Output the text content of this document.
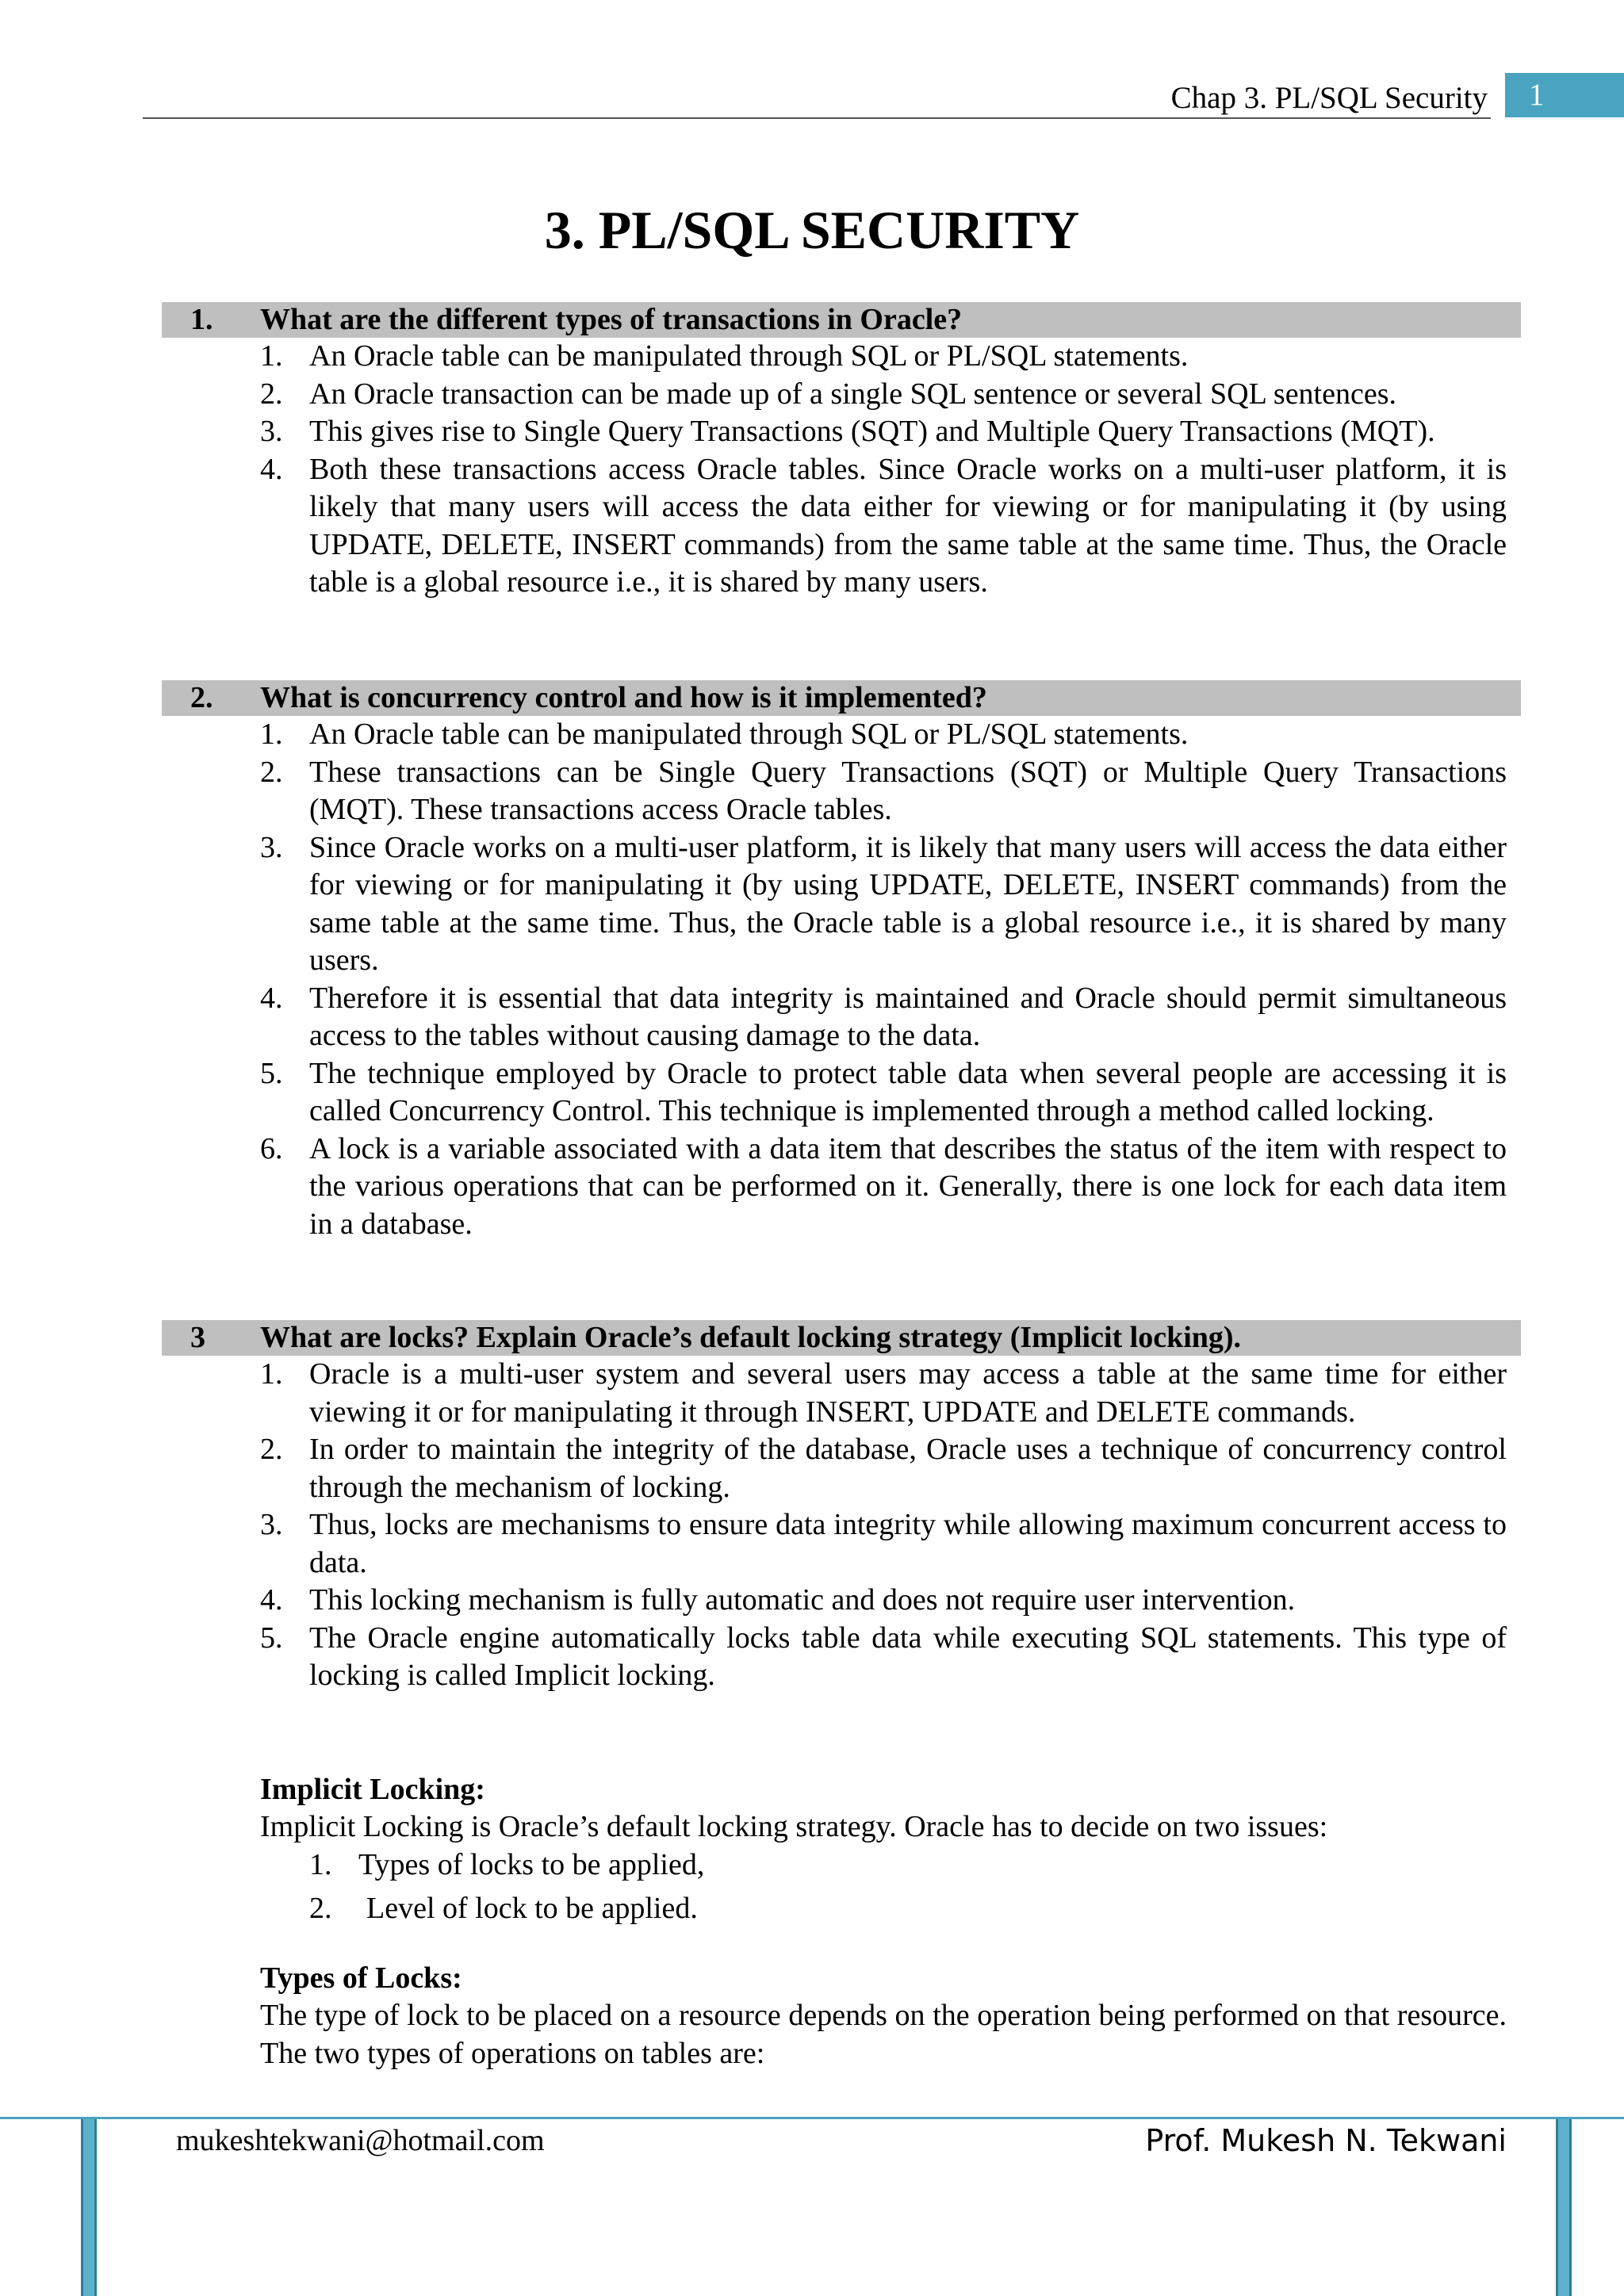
Chap 3. PL/SQL Security	1
3. PL/SQL SECURITY
1. What are the different types of transactions in Oracle?
1. An Oracle table can be manipulated through SQL or PL/SQL statements.
2. An Oracle transaction can be made up of a single SQL sentence or several SQL sentences.
3. This gives rise to Single Query Transactions (SQT) and Multiple Query Transactions (MQT).
4. Both these transactions access Oracle tables. Since Oracle works on a multi-user platform, it is likely that many users will access the data either for viewing or for manipulating it (by using UPDATE, DELETE, INSERT commands) from the same table at the same time. Thus, the Oracle table is a global resource i.e., it is shared by many users.
2. What is concurrency control and how is it implemented?
1. An Oracle table can be manipulated through SQL or PL/SQL statements.
2. These transactions can be Single Query Transactions (SQT) or Multiple Query Transactions (MQT). These transactions access Oracle tables.
3. Since Oracle works on a multi-user platform, it is likely that many users will access the data either for viewing or for manipulating it (by using UPDATE, DELETE, INSERT commands) from the same table at the same time. Thus, the Oracle table is a global resource i.e., it is shared by many users.
4. Therefore it is essential that data integrity is maintained and Oracle should permit simultaneous access to the tables without causing damage to the data.
5. The technique employed by Oracle to protect table data when several people are accessing it is called Concurrency Control. This technique is implemented through a method called locking.
6. A lock is a variable associated with a data item that describes the status of the item with respect to the various operations that can be performed on it. Generally, there is one lock for each data item in a database.
3 What are locks? Explain Oracle’s default locking strategy (Implicit locking).
1. Oracle is a multi-user system and several users may access a table at the same time for either viewing it or for manipulating it through INSERT, UPDATE and DELETE commands.
2. In order to maintain the integrity of the database, Oracle uses a technique of concurrency control through the mechanism of locking.
3. Thus, locks are mechanisms to ensure data integrity while allowing maximum concurrent access to data.
4. This locking mechanism is fully automatic and does not require user intervention.
5. The Oracle engine automatically locks table data while executing SQL statements. This type of locking is called Implicit locking.
Implicit Locking:
Implicit Locking is Oracle’s default locking strategy. Oracle has to decide on two issues:
1. Types of locks to be applied,
2. Level of lock to be applied.
Types of Locks:
The type of lock to be placed on a resource depends on the operation being performed on that resource. The two types of operations on tables are:
mukeshtekwani@hotmail.com	Prof. Mukesh N. Tekwani
